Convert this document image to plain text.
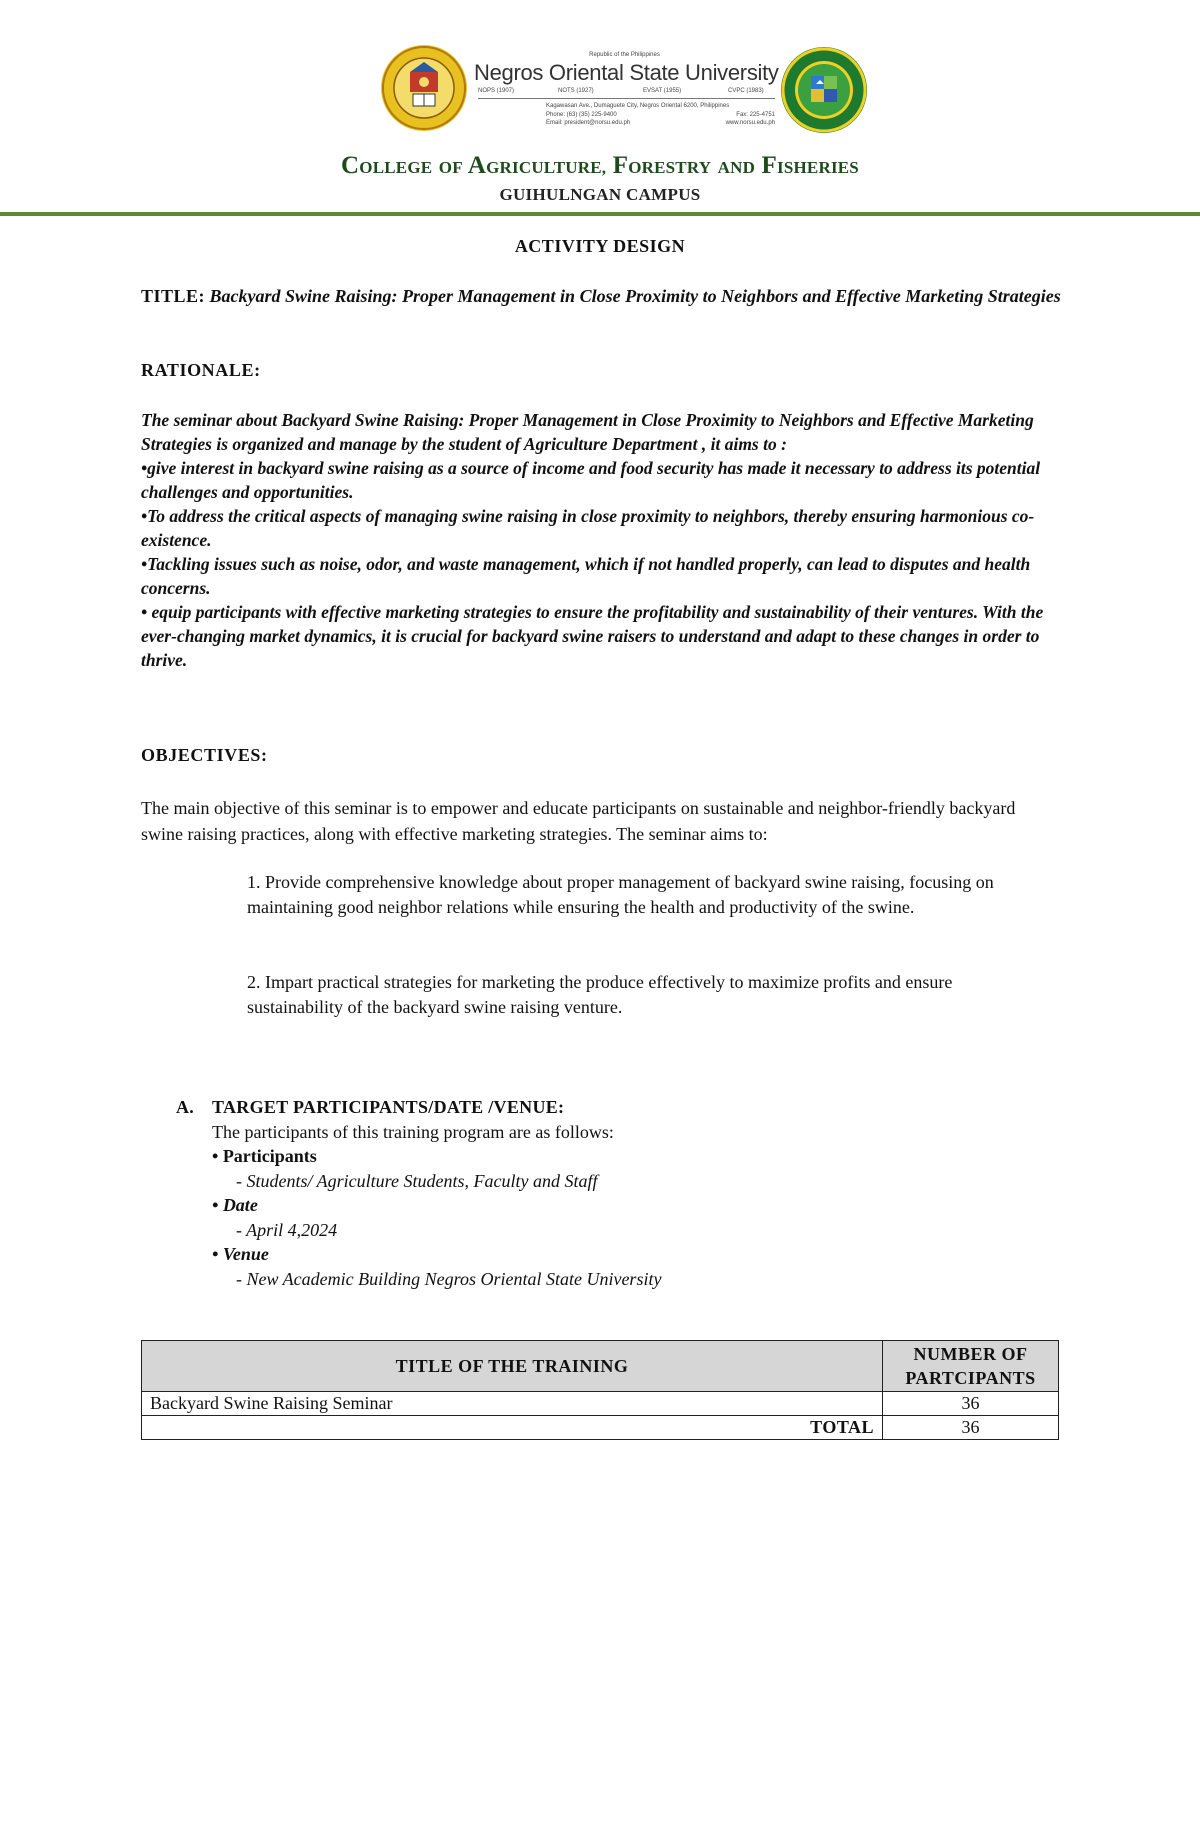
Republic of the Philippines
Negros Oriental State University
NOPS (1907)	NOTS (1927)	EVSAT (1955)	CVPC (1983)
Kagawasan Ave., Dumaguete City, Negros Oriental 6200, Philippines
Phone: (63) (35) 225-9400
Email: president@norsu.edu.ph

Fax: 225-4751
www.norsu.edu.ph
COLLEGE OF AGRICULTURE, FORESTRY AND FISHERIES
GUIHULNGAN CAMPUS
ACTIVITY DESIGN
TITLE: Backyard Swine Raising: Proper Management in Close Proximity to Neighbors and Effective Marketing Strategies
RATIONALE:

The seminar about Backyard Swine Raising: Proper Management in Close Proximity to Neighbors and Effective Marketing Strategies is organized and manage by the student of Agriculture Department , it aims to :

•give interest in backyard swine raising as a source of income and food security has made it necessary to address its potential challenges and opportunities.

•To address the critical aspects of managing swine raising in close proximity to neighbors, thereby ensuring harmonious co-existence.

•Tackling issues such as noise, odor, and waste management, which if not handled properly, can lead to disputes and health concerns.

• equip participants with effective marketing strategies to ensure the profitability and sustainability of their ventures. With the ever-changing market dynamics, it is crucial for backyard swine raisers to understand and adapt to these changes in order to thrive.

OBJECTIVES:
The main objective of this seminar is to empower and educate participants on sustainable and neighbor-friendly backyard swine raising practices, along with effective marketing strategies. The seminar aims to:
1. Provide comprehensive knowledge about proper management of backyard swine raising, focusing on maintaining good neighbor relations while ensuring the health and productivity of the swine.
2. Impart practical strategies for marketing the produce effectively to maximize profits and ensure sustainability of the backyard swine raising venture.
A. TARGET PARTICIPANTS/DATE /VENUE:
The participants of this training program are as follows:
• Participants
- Students/ Agriculture Students, Faculty and Staff
• Date
- April 4,2024
• Venue
- New Academic Building Negros Oriental State University
TITLE OF THE TRAINING	NUMBER OF PARTCIPANTS
Backyard Swine Raising Seminar	36
TOTAL	36
